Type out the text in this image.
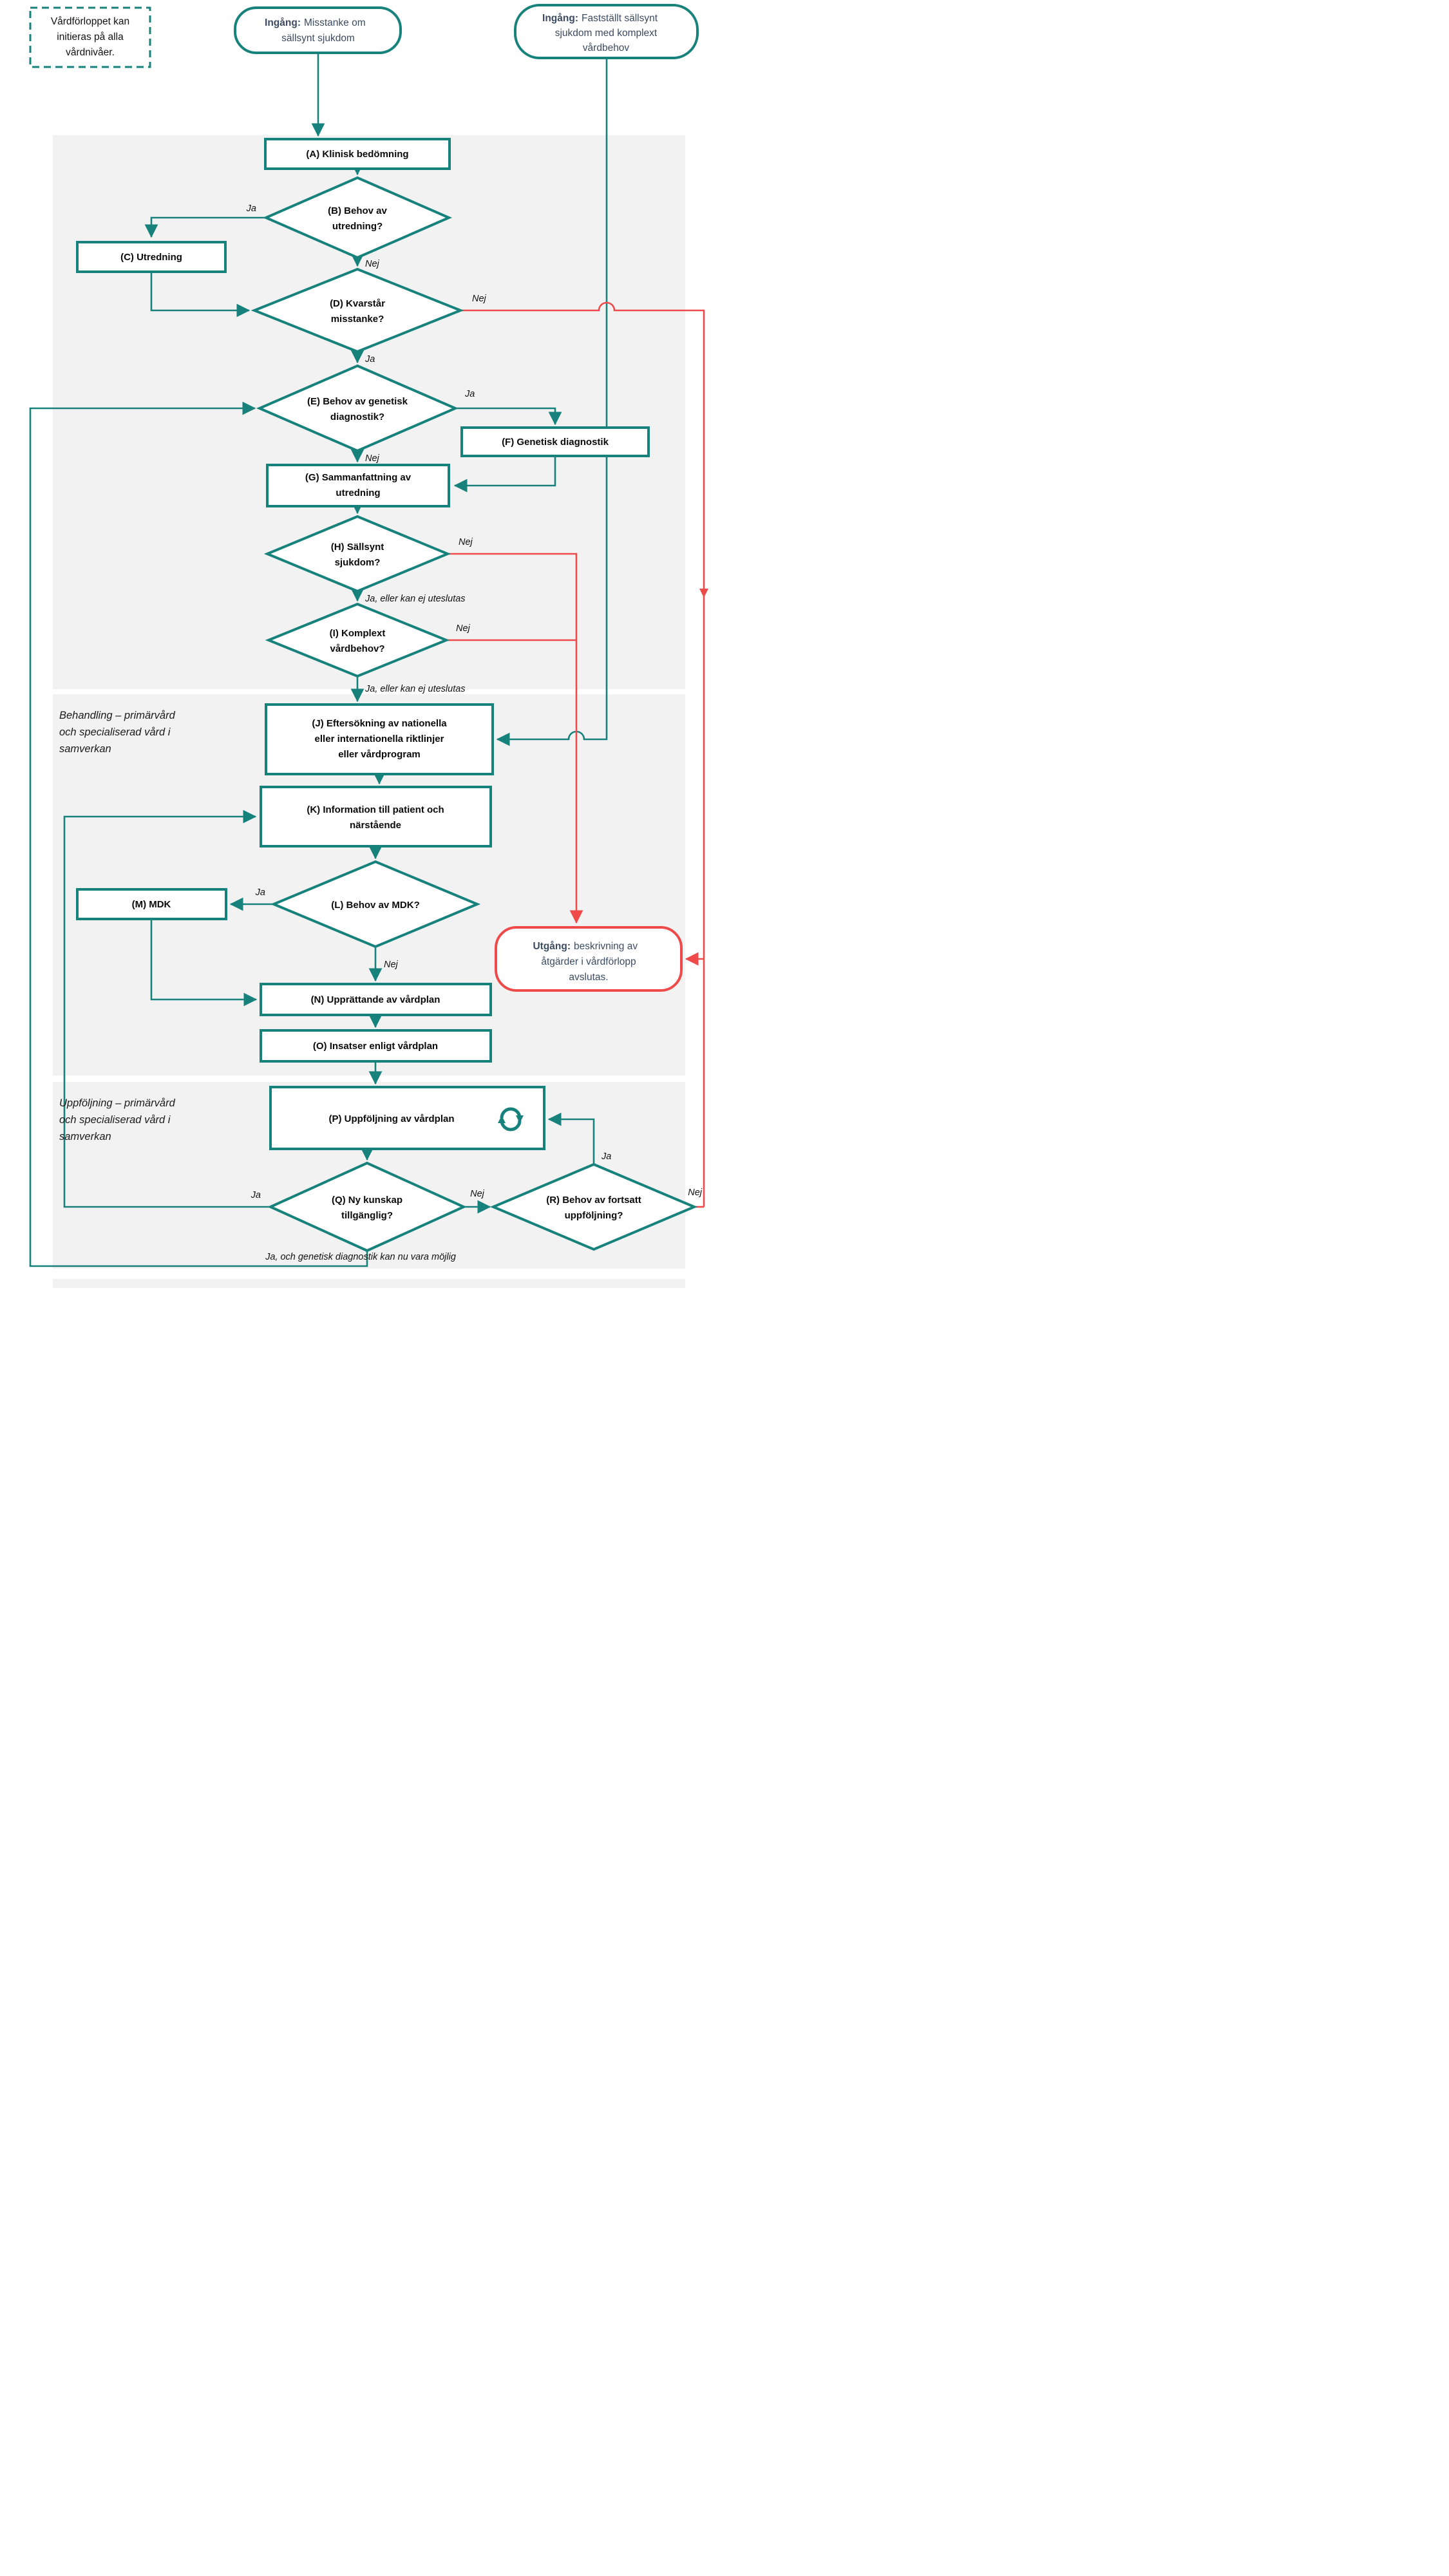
Vårdförloppet kan
initieras på alla
vårdnivåer.
Ingång: Misstanke om
sällsynt sjukdom
Ingång: Fastställt sällsynt
sjukdom med komplext
vårdbehov
(A) Klinisk bedömning
(B) Behov av
utredning?
Ja
Nej
(C) Utredning
(D) Kvarstår
misstanke?
Nej
Ja
(E) Behov av genetisk
diagnostik?
Ja
Nej
(F) Genetisk diagnostik
(G) Sammanfattning av
utredning
(H) Sällsynt
sjukdom?
Nej
Ja, eller kan ej uteslutas
(I) Komplext
vårdbehov?
Nej
Ja, eller kan ej uteslutas
Behandling – primärvård
och specialiserad vård i
samverkan
(J) Eftersökning av nationella
eller internationella riktlinjer
eller vårdprogram
(K) Information till patient och
närstående
(L) Behov av MDK?
Ja
Nej
(M) MDK
Utgång: beskrivning av
åtgärder i vårdförlopp
avslutas.
(N) Upprättande av vårdplan
(O) Insatser enligt vårdplan
Uppföljning – primärvård
och specialiserad vård i
samverkan
(P) Uppföljning av vårdplan
(Q) Ny kunskap
tillgänglig?
Ja	Nej
(R) Behov av fortsatt
uppföljning?
Ja
Nej
Ja, och genetisk diagnostik kan nu vara möjlig
